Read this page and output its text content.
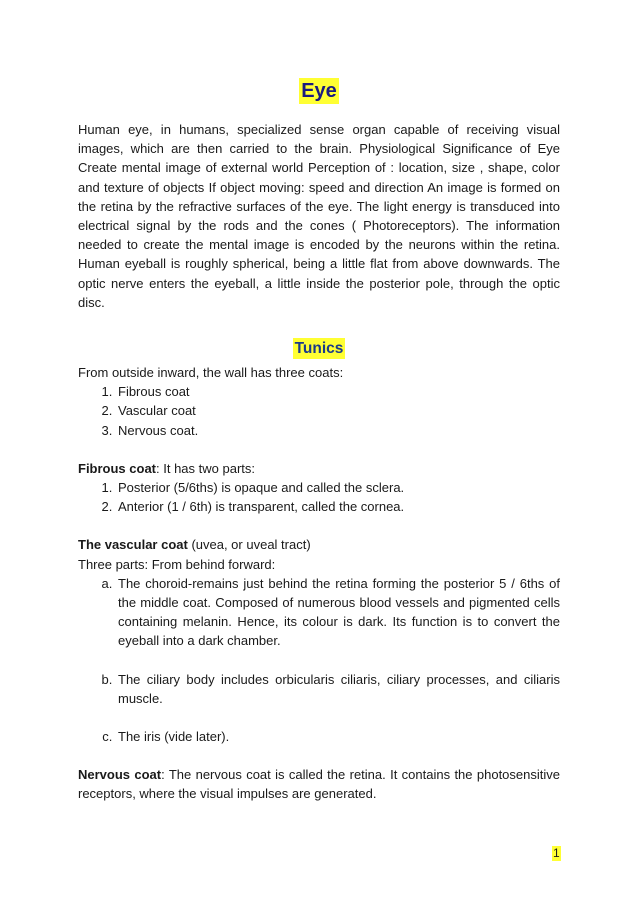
Eye

Human eye, in humans, specialized sense organ capable of receiving visual images, which are then carried to the brain. Physiological Significance of Eye Create mental image of external world Perception of : location, size , shape, color and texture of objects If object moving: speed and direction An image is formed on the retina by the refractive surfaces of the eye. The light energy is transduced into electrical signal by the rods and the cones ( Photoreceptors). The information needed to create the mental image is encoded by the neurons within the retina. Human eyeball is roughly spherical, being a little flat from above downwards. The optic nerve enters the eyeball, a little inside the posterior pole, through the optic disc.

Tunics

From outside inward, the wall has three coats:

1. Fibrous coat
2. Vascular coat
3. Nervous coat.

Fibrous coat: It has two parts:

1. Posterior (5/6ths) is opaque and called the sclera.
2. Anterior (1 / 6th) is transparent, called the cornea.

The vascular coat (uvea, or uveal tract)

Three parts: From behind forward:

a. The choroid-remains just behind the retina forming the posterior 5 / 6ths of the middle coat. Composed of numerous blood vessels and pigmented cells containing melanin. Hence, its colour is dark. Its function is to convert the eyeball into a dark chamber.
b. The ciliary body includes orbicularis ciliaris, ciliary processes, and ciliaris muscle.
c. The iris (vide later).

Nervous coat: The nervous coat is called the retina. It contains the photosensitive receptors, where the visual impulses are generated.

1
